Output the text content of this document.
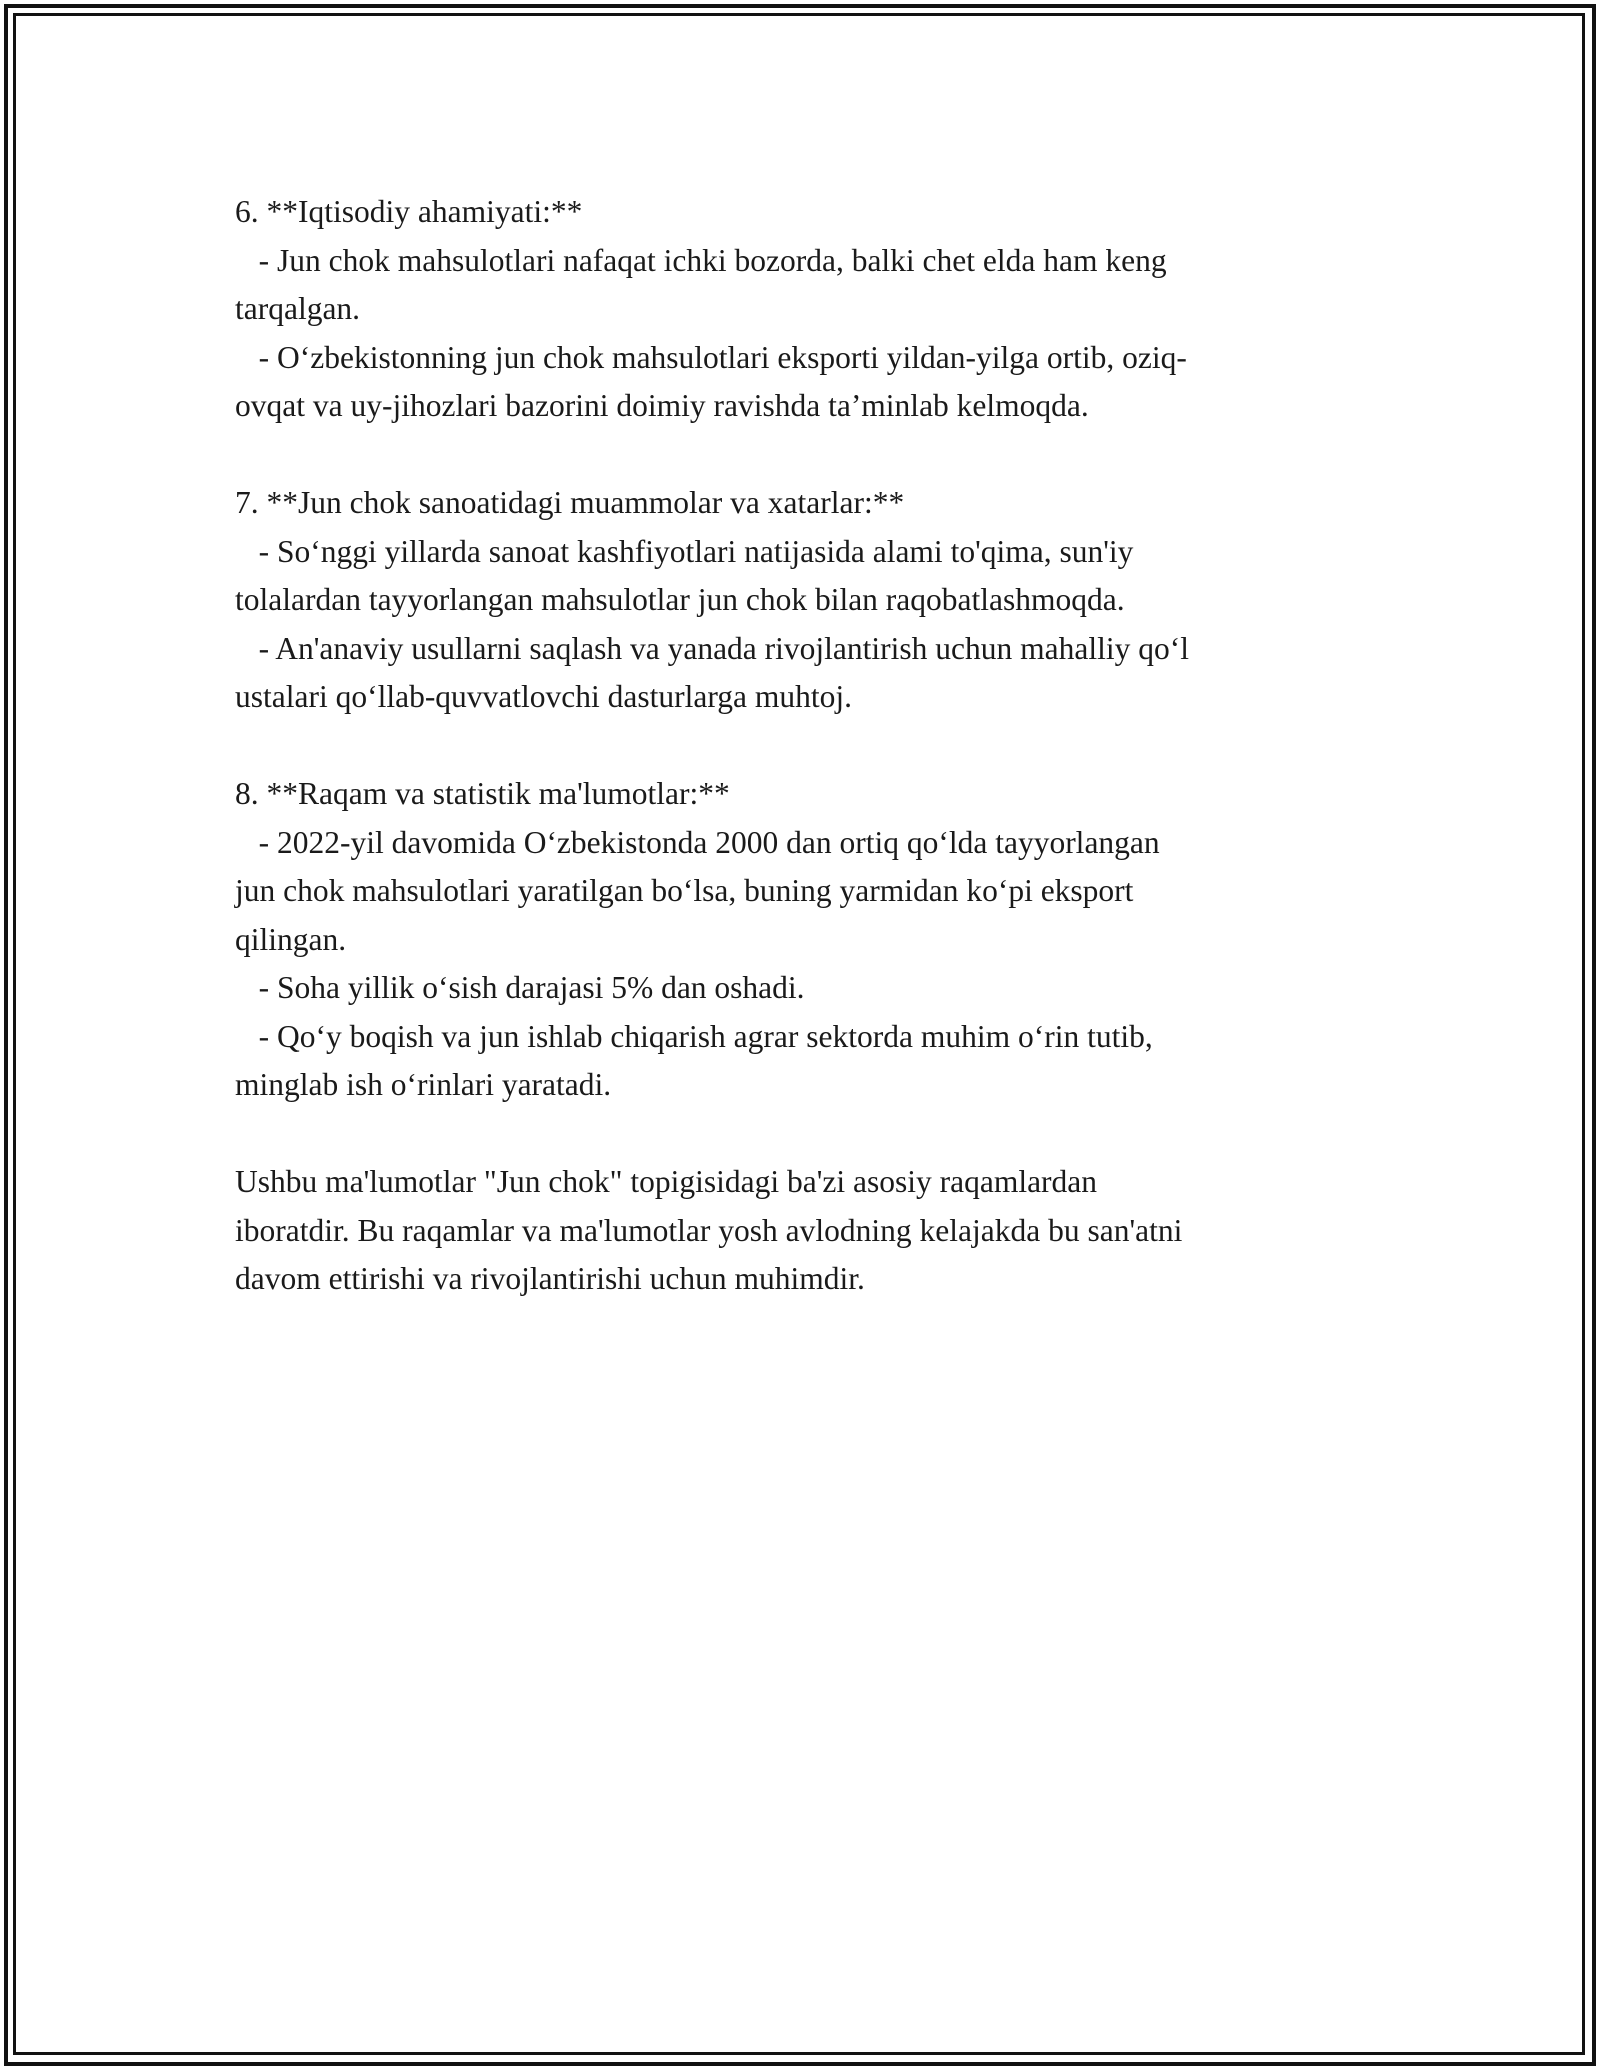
6. **Iqtisodiy ahamiyati:**
- Jun chok mahsulotlari nafaqat ichki bozorda, balki chet elda ham keng
tarqalgan.
- O‘zbekistonning jun chok mahsulotlari eksporti yildan-yilga ortib, oziq-
ovqat va uy-jihozlari bazorini doimiy ravishda ta’minlab kelmoqda.
7. **Jun chok sanoatidagi muammolar va xatarlar:**
- So‘nggi yillarda sanoat kashfiyotlari natijasida alami to'qima, sun'iy
tolalardan tayyorlangan mahsulotlar jun chok bilan raqobatlashmoqda.
- An'anaviy usullarni saqlash va yanada rivojlantirish uchun mahalliy qo‘l
ustalari qo‘llab-quvvatlovchi dasturlarga muhtoj.
8. **Raqam va statistik ma'lumotlar:**
- 2022-yil davomida O‘zbekistonda 2000 dan ortiq qo‘lda tayyorlangan
jun chok mahsulotlari yaratilgan bo‘lsa, buning yarmidan ko‘pi eksport
qilingan.
- Soha yillik o‘sish darajasi 5% dan oshadi.
- Qo‘y boqish va jun ishlab chiqarish agrar sektorda muhim o‘rin tutib,
minglab ish o‘rinlari yaratadi.
Ushbu ma'lumotlar "Jun chok" topigisidagi ba'zi asosiy raqamlardan
iboratdir. Bu raqamlar va ma'lumotlar yosh avlodning kelajakda bu san'atni
davom ettirishi va rivojlantirishi uchun muhimdir.
